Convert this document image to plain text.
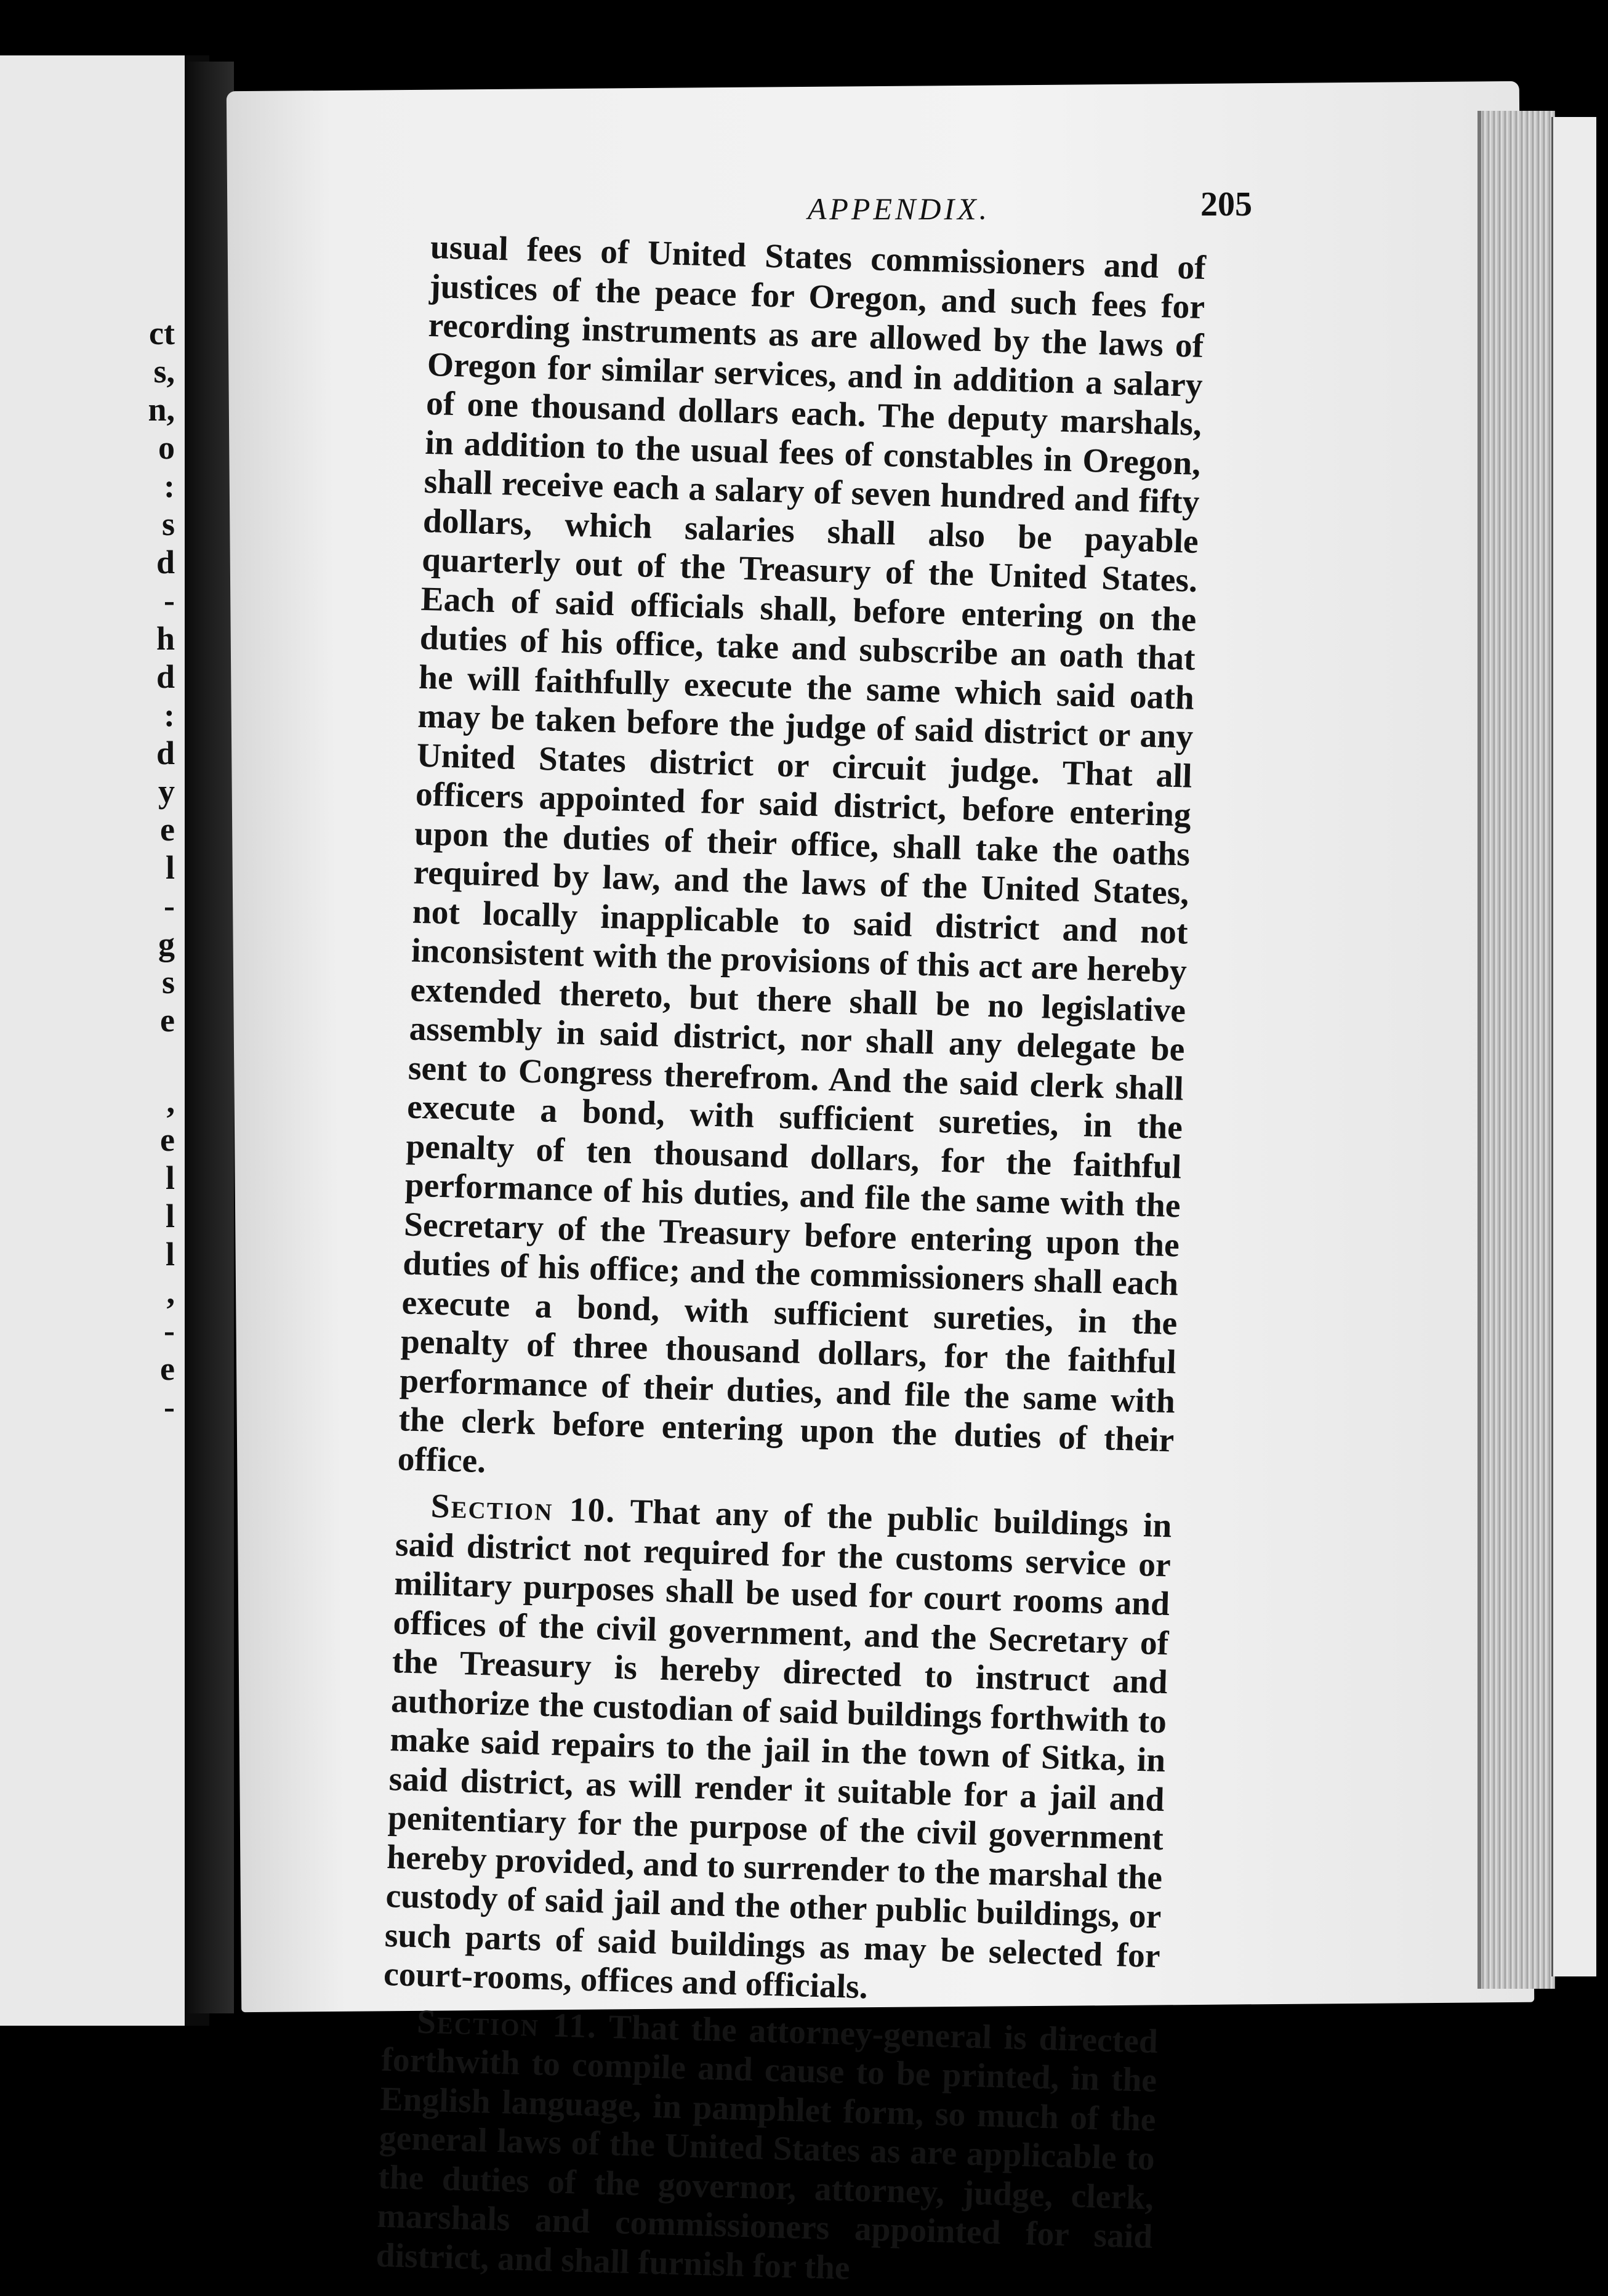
ct
s,
n,
o
:
s
d
-
h
d
:
d
y
e
l
-
g
s
e
,
e
l
l
l
,
-
e
-
APPENDIX.	205

usual fees of United States commissioners and of justices of the peace for Oregon, and such fees for recording instruments as are allowed by the laws of Oregon for similar services, and in addition a salary of one thousand dollars each. The deputy marshals, in addition to the usual fees of constables in Oregon, shall receive each a salary of seven hundred and fifty dollars, which salaries shall also be payable quarterly out of the Treasury of the United States. Each of said officials shall, before entering on the duties of his office, take and subscribe an oath that he will faithfully execute the same which said oath may be taken before the judge of said district or any United States district or circuit judge. That all officers appointed for said district, before entering upon the duties of their office, shall take the oaths required by law, and the laws of the United States, not locally inapplicable to said district and not inconsistent with the provisions of this act are hereby extended thereto, but there shall be no legislative assembly in said district, nor shall any delegate be sent to Congress therefrom. And the said clerk shall execute a bond, with sufficient sureties, in the penalty of ten thousand dollars, for the faithful performance of his duties, and file the same with the Secretary of the Treasury before entering upon the duties of his office; and the commissioners shall each execute a bond, with sufficient sureties, in the penalty of three thousand dollars, for the faithful performance of their duties, and file the same with the clerk before entering upon the duties of their office.

Section 10. That any of the public buildings in said district not required for the customs service or military purposes shall be used for court rooms and offices of the civil government, and the Secretary of the Treasury is hereby directed to instruct and authorize the custodian of said buildings forthwith to make said repairs to the jail in the town of Sitka, in said district, as will render it suitable for a jail and penitentiary for the purpose of the civil government hereby provided, and to surrender to the marshal the custody of said jail and the other public buildings, or such parts of said buildings as may be selected for court-rooms, offices and officials.

Section 11. That the attorney-general is directed forthwith to compile and cause to be printed, in the English language, in pamphlet form, so much of the general laws of the United States as are applicable to the duties of the governor, attorney, judge, clerk, marshals and commissioners appointed for said district, and shall furnish for the
